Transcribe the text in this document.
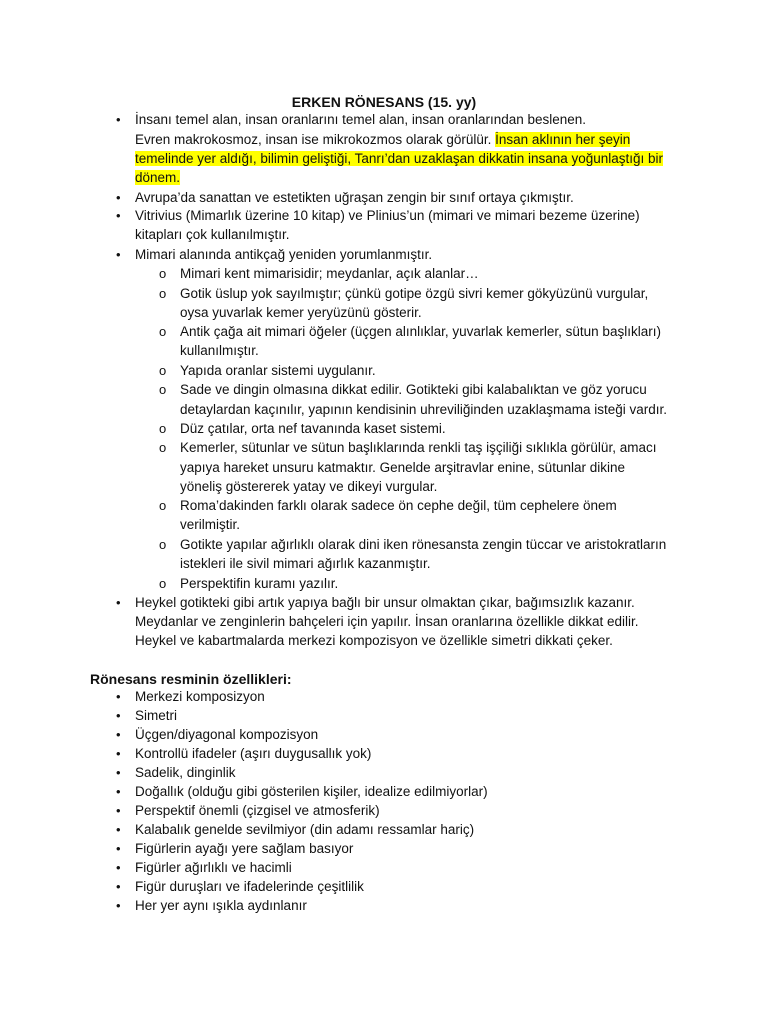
ERKEN RÖNESANS (15. yy)
•	İnsanı temel alan, insan oranlarını temel alan, insan oranlarından beslenen.
Evren makrokosmoz, insan ise mikrokozmos olarak görülür. İnsan aklının her şeyin
temelinde yer aldığı, bilimin geliştiği, Tanrı’dan uzaklaşan dikkatin insana yoğunlaştığı bir
dönem.
•	Avrupa’da sanattan ve estetikten uğraşan zengin bir sınıf ortaya çıkmıştır.
•	Vitrivius (Mimarlık üzerine 10 kitap) ve Plinius’un (mimari ve mimari bezeme üzerine)
kitapları çok kullanılmıştır.
•	Mimari alanında antikçağ yeniden yorumlanmıştır.
o Mimari kent mimarisidir; meydanlar, açık alanlar…
o Gotik üslup yok sayılmıştır; çünkü gotipe özgü sivri kemer gökyüzünü vurgular,
oysa yuvarlak kemer yeryüzünü gösterir.
o Antik çağa ait mimari öğeler (üçgen alınlıklar, yuvarlak kemerler, sütun başlıkları)
kullanılmıştır.
o Yapıda oranlar sistemi uygulanır.
o Sade ve dingin olmasına dikkat edilir. Gotikteki gibi kalabalıktan ve göz yorucu
detaylardan kaçınılır, yapının kendisinin uhreviliğinden uzaklaşmama isteği vardır.
o Düz çatılar, orta nef tavanında kaset sistemi.
o Kemerler, sütunlar ve sütun başlıklarında renkli taş işçiliği sıklıkla görülür, amacı
yapıya hareket unsuru katmaktır. Genelde arşitravlar enine, sütunlar dikine
yöneliş göstererek yatay ve dikeyi vurgular.
o Roma’dakinden farklı olarak sadece ön cephe değil, tüm cephelere önem
verilmiştir.
o Gotikte yapılar ağırlıklı olarak dini iken rönesansta zengin tüccar ve aristokratların
istekleri ile sivil mimari ağırlık kazanmıştır.
o Perspektifin kuramı yazılır.
•	Heykel gotikteki gibi artık yapıya bağlı bir unsur olmaktan çıkar, bağımsızlık kazanır.
Meydanlar ve zenginlerin bahçeleri için yapılır. İnsan oranlarına özellikle dikkat edilir.
Heykel ve kabartmalarda merkezi kompozisyon ve özellikle simetri dikkati çeker.
Rönesans resminin özellikleri:
•	Merkezi komposizyon
•	Simetri
•	Üçgen/diyagonal kompozisyon
•	Kontrollü ifadeler (aşırı duygusallık yok)
•	Sadelik, dinginlik
•	Doğallık (olduğu gibi gösterilen kişiler, idealize edilmiyorlar)
•	Perspektif önemli (çizgisel ve atmosferik)
•	Kalabalık genelde sevilmiyor (din adamı ressamlar hariç)
•	Figürlerin ayağı yere sağlam basıyor
•	Figürler ağırlıklı ve hacimli
•	Figür duruşları ve ifadelerinde çeşitlilik
•	Her yer aynı ışıkla aydınlanır
